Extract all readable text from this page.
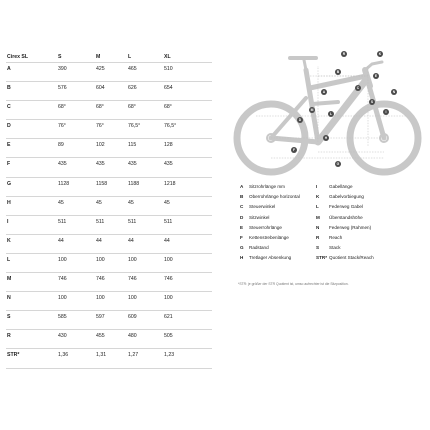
Cirex SL	S	M	L	XL
A	390	425	465	510
B	576	604	626	654
C	68°	68°	68°	68°
D	76°	76°	76,5°	76,5°
E	89	102	115	128
F	435	435	435	435
G	1128	1158	1188	1218
H	45	45	45	45
I	511	511	511	511
K	44	44	44	44
L	100	100	100	100
M	746	746	746	746
N	100	100	100	100
S	585	597	609	621
R	430	455	480	505
STR*	1,36	1,31	1,27	1,23
B
R	K
E
C
A
M
D
L
S
I
N
H
F
G
A Sitzrohrlänge mm
B Oberrohrlänge horizontal
C Steuerwinkel
D Sitzwinkel
E Steuerrohrlänge
F Kettenstrebenlänge
G Radstand
H Tretlager Absenkung
I	Gabellänge
K Gabelvorbiegung
L Federweg Gabel
M Überstandshöhe
N Federweg (Rahmen)
R Reach
S Stack
STR* Quotient Stack/Reach
*STR: je größer der STR Quotient ist, umso aufrechter ist die Sitzposition.
